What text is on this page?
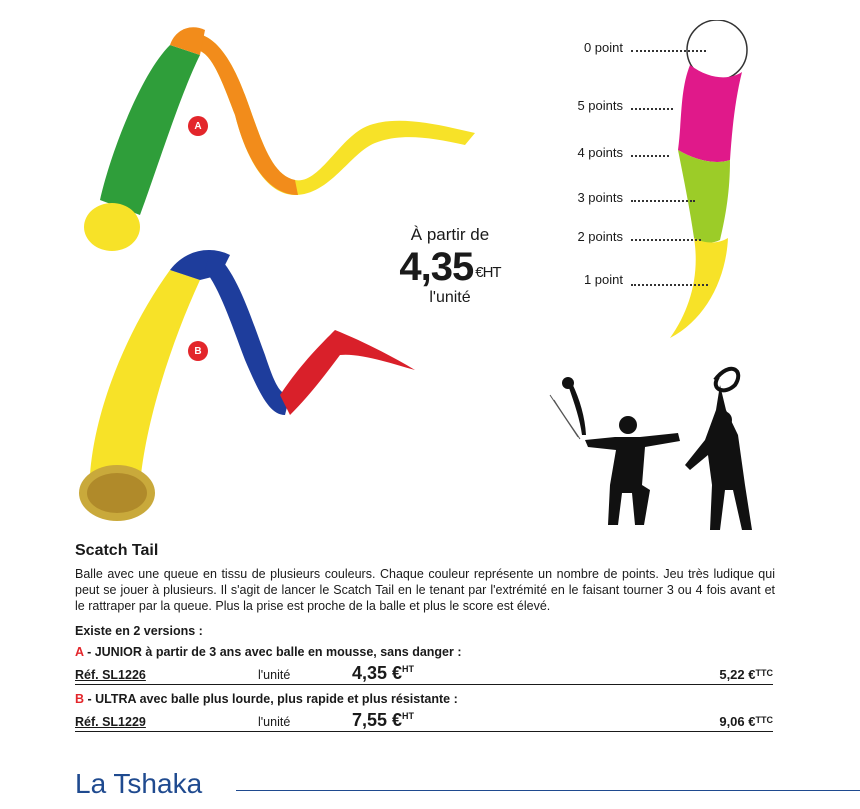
A
B
À partir de
4,35 $^{€HT}$
l'unité
0 point
5 points
4 points
3 points
2 points
1 point
Scatch Tail
Balle avec une queue en tissu de plusieurs couleurs. Chaque couleur représente un nombre de points. Jeu très ludique qui peut se jouer à plusieurs. Il s'agit de lancer le Scatch Tail en le tenant par l'extrémité en le faisant tourner 3 ou 4 fois avant et le rattraper par la queue. Plus la prise est proche de la balle et plus le score est élevé.
Existe en 2 versions :
A - JUNIOR à partir de 3 ans avec balle en mousse, sans danger :
Réf. SL1226	l'unité	4,35 €$^{HT}$	5,22 €$^{TTC}$
B - ULTRA avec balle plus lourde, plus rapide et plus résistante :
Réf. SL1229	l'unité	7,55 €$^{HT}$	9,06 €$^{TTC}$
La Tshaka
